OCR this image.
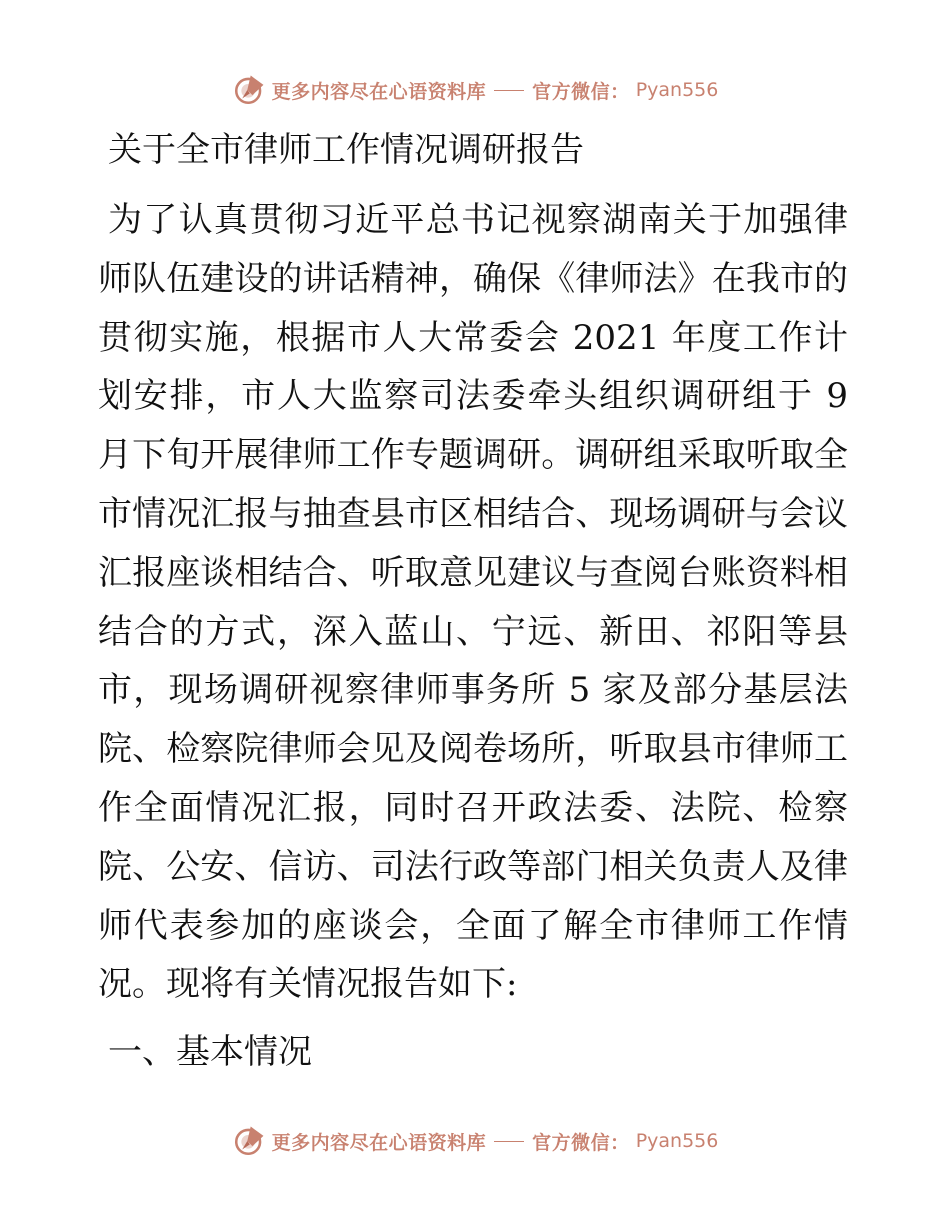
更多内容尽在心语资料库 官方微信： Pyan556
关于全市律师工作情况调研报告
为了认真贯彻习近平总书记视察湖南关于加强律师队伍建设的讲话精神，确保《律师法》在我市的贯彻实施，根据市人大常委会 2021 年度工作计划安排，市人大监察司法委牵头组织调研组于 9 月下旬开展律师工作专题调研。调研组采取听取全市情况汇报与抽查县市区相结合、现场调研与会议汇报座谈相结合、听取意见建议与查阅台账资料相结合的方式，深入蓝山、宁远、新田、祁阳等县市，现场调研视察律师事务所 5 家及部分基层法院、检察院律师会见及阅卷场所，听取县市律师工作全面情况汇报，同时召开政法委、法院、检察院、公安、信访、司法行政等部门相关负责人及律师代表参加的座谈会，全面了解全市律师工作情况。现将有关情况报告如下:
一、基本情况
更多内容尽在心语资料库 官方微信： Pyan556
